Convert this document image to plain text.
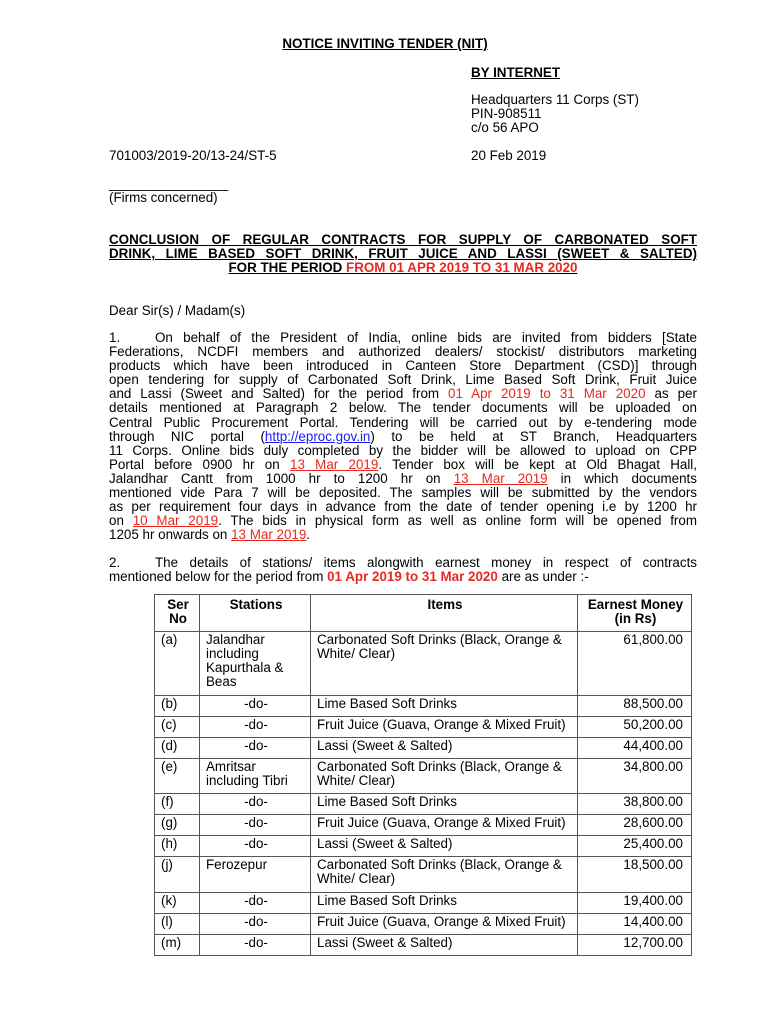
NOTICE INVITING TENDER (NIT)
BY INTERNET
Headquarters 11 Corps (ST)
PIN-908511
c/o 56 APO
701003/2019-20/13-24/ST-5	20 Feb 2019
________________
(Firms concerned)
CONCLUSION OF REGULAR CONTRACTS FOR SUPPLY OF CARBONATED SOFT
DRINK, LIME BASED SOFT DRINK, FRUIT JUICE AND LASSI (SWEET & SALTED)
FOR THE PERIOD FROM 01 APR 2019 TO 31 MAR 2020
Dear Sir(s) / Madam(s)
1.	On behalf of the President of India, online bids are invited from bidders [State
Federations, NCDFI members and authorized dealers/ stockist/ distributors marketing
products which have been introduced in Canteen Store Department (CSD)] through
open tendering for supply of Carbonated Soft Drink, Lime Based Soft Drink, Fruit Juice
and Lassi (Sweet and Salted) for the period from 01 Apr 2019 to 31 Mar 2020 as per
details mentioned at Paragraph 2 below. The tender documents will be uploaded on
Central Public Procurement Portal. Tendering will be carried out by e-tendering mode
through NIC portal (http://eproc.gov.in) to be held at ST Branch, Headquarters
11 Corps. Online bids duly completed by the bidder will be allowed to upload on CPP
Portal before 0900 hr on 13 Mar 2019. Tender box will be kept at Old Bhagat Hall,
Jalandhar Cantt from 1000 hr to 1200 hr on 13 Mar 2019 in which documents
mentioned vide Para 7 will be deposited. The samples will be submitted by the vendors
as per requirement four days in advance from the date of tender opening i.e by 1200 hr
on 10 Mar 2019. The bids in physical form as well as online form will be opened from
1205 hr onwards on 13 Mar 2019.
2.	The details of stations/ items alongwith earnest money in respect of contracts
mentioned below for the period from 01 Apr 2019 to 31 Mar 2020 are as under :-
Ser No	Stations	Items	Earnest Money (in Rs)
(a)	Jalandhar including Kapurthala & Beas	Carbonated Soft Drinks (Black, Orange & White/ Clear)	61,800.00
(b)	-do-	Lime Based Soft Drinks	88,500.00
(c)	-do-	Fruit Juice (Guava, Orange & Mixed Fruit)	50,200.00
(d)	-do-	Lassi (Sweet & Salted)	44,400.00
(e)	Amritsar including Tibri	Carbonated Soft Drinks (Black, Orange & White/ Clear)	34,800.00
(f)	-do-	Lime Based Soft Drinks	38,800.00
(g)	-do-	Fruit Juice (Guava, Orange & Mixed Fruit)	28,600.00
(h)	-do-	Lassi (Sweet & Salted)	25,400.00
(j)	Ferozepur	Carbonated Soft Drinks (Black, Orange & White/ Clear)	18,500.00
(k)	-do-	Lime Based Soft Drinks	19,400.00
(l)	-do-	Fruit Juice (Guava, Orange & Mixed Fruit)	14,400.00
(m)	-do-	Lassi (Sweet & Salted)	12,700.00
